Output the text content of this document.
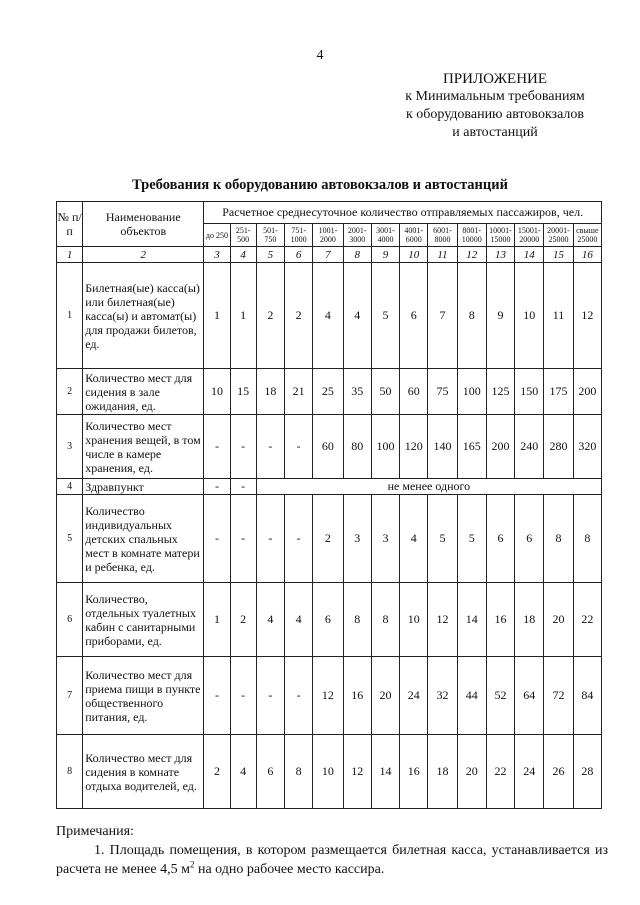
4
ПРИЛОЖЕНИЕ
к Минимальным требованиям
к оборудованию автовокзалов
и автостанций
Требования к оборудованию автовокзалов и автостанций
№ п/п	Наименование объектов	Расчетное среднесуточное количество отправляемых пассажиров, чел.													
		до 250	251- 500	501- 750	751- 1000	1001- 2000	2001- 3000	3001- 4000	4001- 6000	6001- 8000	8001- 10000	10001- 15000	15001- 20000	20001- 25000	свыше 25000
1	2	3	4	5	6	7	8	9	10	11	12	13	14	15	16
1	Билетная(ые) касса(ы) или билетная(ые) касса(ы) и автомат(ы) для продажи билетов, ед.	1	1	2	2	4	4	5	6	7	8	9	10	11	12
2	Количество мест для сидения в зале ожидания, ед.	10	15	18	21	25	35	50	60	75	100	125	150	175	200
3	Количество мест хранения вещей, в том числе в камере хранения, ед.	-	-	-	-	60	80	100	120	140	165	200	240	280	320
4	Здравпункт	-	-	не менее одного											
5	Количество индивидуальных детских спальных мест в комнате матери и ребенка, ед.	-	-	-	-	2	3	3	4	5	5	6	6	8	8
6	Количество, отдельных туалетных кабин с санитарными приборами, ед.	1	2	4	4	6	8	8	10	12	14	16	18	20	22
7	Количество мест для приема пищи в пункте общественного питания, ед.	-	-	-	-	12	16	20	24	32	44	52	64	72	84
8	Количество мест для сидения в комнате отдыха водителей, ед.	2	4	6	8	10	12	14	16	18	20	22	24	26	28

Примечания:

1. Площадь помещения, в котором размещается билетная касса, устанавливается из расчета не менее 4,5 $м^2$ на одно рабочее место кассира.
